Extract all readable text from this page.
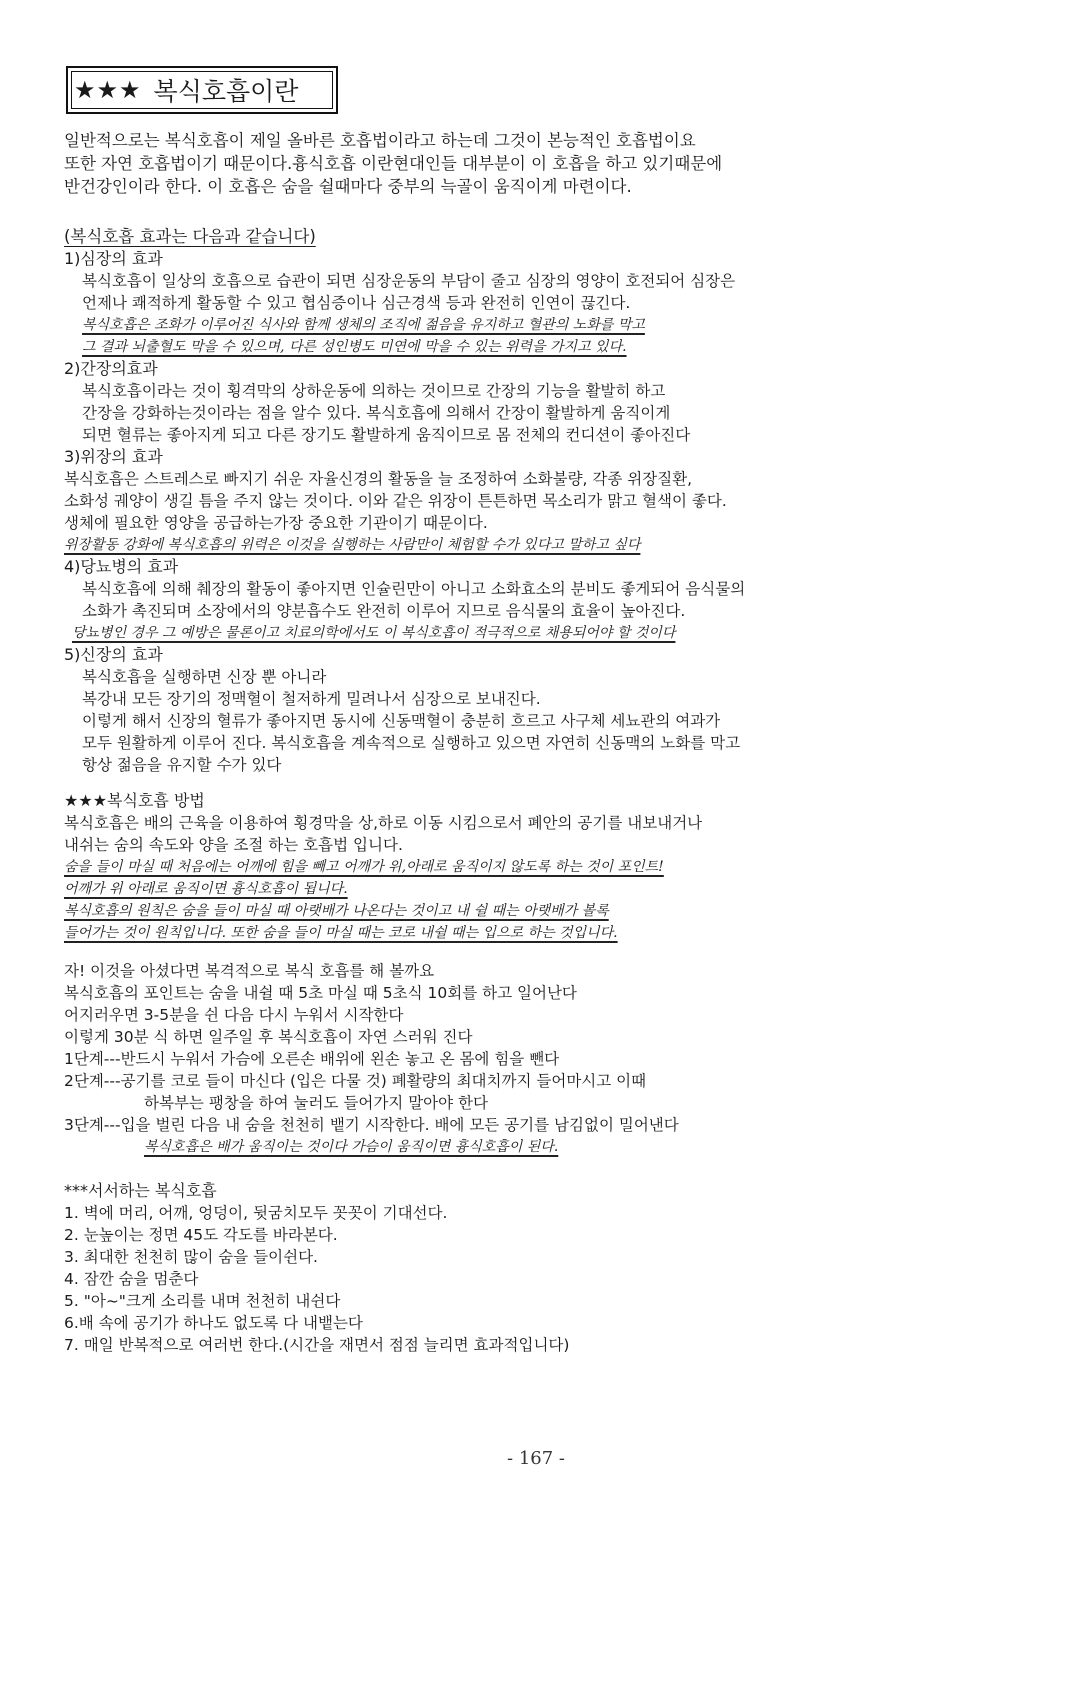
★★★ 복식호흡이란
일반적으로는 복식호흡이 제일 올바른 호흡법이라고 하는데 그것이 본능적인 호흡법이요
또한 자연 호흡법이기 때문이다.흉식호흡 이란현대인들 대부분이 이 호흡을 하고 있기때문에
반건강인이라 한다. 이 호흡은 숨을 쉴때마다 중부의 늑골이 움직이게 마련이다.
(복식호흡 효과는 다음과 같습니다)
1)심장의 효과
복식호흡이 일상의 호흡으로 습관이 되면 심장운동의 부담이 줄고 심장의 영양이 호전되어 심장은
언제나 쾌적하게 활동할 수 있고 협심증이나 심근경색 등과 완전히 인연이 끊긴다.
복식호흡은 조화가 이루어진 식사와 함께 생체의 조직에 젊음을 유지하고 혈관의 노화를 막고
그 결과 뇌출혈도 막을 수 있으며, 다른 성인병도 미연에 막을 수 있는 위력을 가지고 있다.
2)간장의효과
복식호흡이라는 것이 횡격막의 상하운동에 의하는 것이므로 간장의 기능을 활발히 하고
간장을 강화하는것이라는 점을 알수 있다. 복식호흡에 의해서 간장이 활발하게 움직이게
되면 혈류는 좋아지게 되고 다른 장기도 활발하게 움직이므로 몸 전체의 컨디션이 좋아진다
3)위장의 효과
복식호흡은 스트레스로 빠지기 쉬운 자율신경의 활동을 늘 조정하여 소화불량, 각종 위장질환,
소화성 궤양이 생길 틈을 주지 않는 것이다. 이와 같은 위장이 튼튼하면 목소리가 맑고 혈색이 좋다.
생체에 필요한 영양을 공급하는가장 중요한 기관이기 때문이다.
위장활동 강화에 복식호흡의 위력은 이것을 실행하는 사람만이 체험할 수가 있다고 말하고 싶다
4)당뇨병의 효과
복식호흡에 의해 췌장의 활동이 좋아지면 인슐린만이 아니고 소화효소의 분비도 좋게되어 음식물의
소화가 촉진되며 소장에서의 양분흡수도 완전히 이루어 지므로 음식물의 효율이 높아진다.
당뇨병인 경우 그 예방은 물론이고 치료의학에서도 이 복식호흡이 적극적으로 채용되어야 할 것이다
5)신장의 효과
복식호흡을 실행하면 신장 뿐 아니라
복강내 모든 장기의 정맥혈이 철저하게 밀려나서 심장으로 보내진다.
이렇게 해서 신장의 혈류가 좋아지면 동시에 신동맥혈이 충분히 흐르고 사구체 세뇨관의 여과가
모두 원활하게 이루어 진다. 복식호흡을 계속적으로 실행하고 있으면 자연히 신동맥의 노화를 막고
항상 젊음을 유지할 수가 있다
★★★복식호흡 방법
복식호흡은 배의 근육을 이용하여 횡경막을 상,하로 이동 시킴으로서 폐안의 공기를 내보내거나
내쉬는 숨의 속도와 양을 조절 하는 호흡법 입니다.
숨을 들이 마실 때 처음에는 어깨에 힘을 빼고 어깨가 위,아래로 움직이지 않도록 하는 것이 포인트!
어깨가 위 아래로 움직이면 흉식호흡이 됩니다.
복식호흡의 원칙은 숨을 들이 마실 때 아랫배가 나온다는 것이고 내 쉴 때는 아랫배가 볼록
들어가는 것이 원칙입니다. 또한 숨을 들이 마실 때는 코로 내쉴 때는 입으로 하는 것입니다.
자! 이것을 아셨다면 복격적으로 복식 호흡를 해 볼까요
복식호흡의 포인트는 숨을 내쉴 때 5초 마실 때 5초식 10회를 하고 일어난다
어지러우면 3-5분을 쉰 다음 다시 누워서 시작한다
이렇게 30분 식 하면 일주일 후 복식호흡이 자연 스러워 진다
1단계---반드시 누워서 가슴에 오른손 배위에 왼손 놓고 온 몸에 힘을 뺀다
2단계---공기를 코로 들이 마신다 (입은 다물 것) 폐활량의 최대치까지 들어마시고 이때
하복부는 팽창을 하여 눌러도 들어가지 말아야 한다
3단계---입을 벌린 다음 내 숨을 천천히 뱉기 시작한다. 배에 모든 공기를 남김없이 밀어낸다
복식호흡은 배가 움직이는 것이다 가슴이 움직이면 흉식호흡이 된다.
***서서하는 복식호흡
1. 벽에 머리, 어깨, 엉덩이, 뒷굼치모두 꼿꼿이 기대선다.
2. 눈높이는 정면 45도 각도를 바라본다.
3. 최대한 천천히 많이 숨을 들이쉰다.
4. 잠깐 숨을 멈춘다
5. "아~"크게 소리를 내며 천천히 내쉰다
6.배 속에 공기가 하나도 없도록 다 내뱉는다
7. 매일 반복적으로 여러번 한다.(시간을 재면서 점점 늘리면 효과적입니다)
- 167 -
